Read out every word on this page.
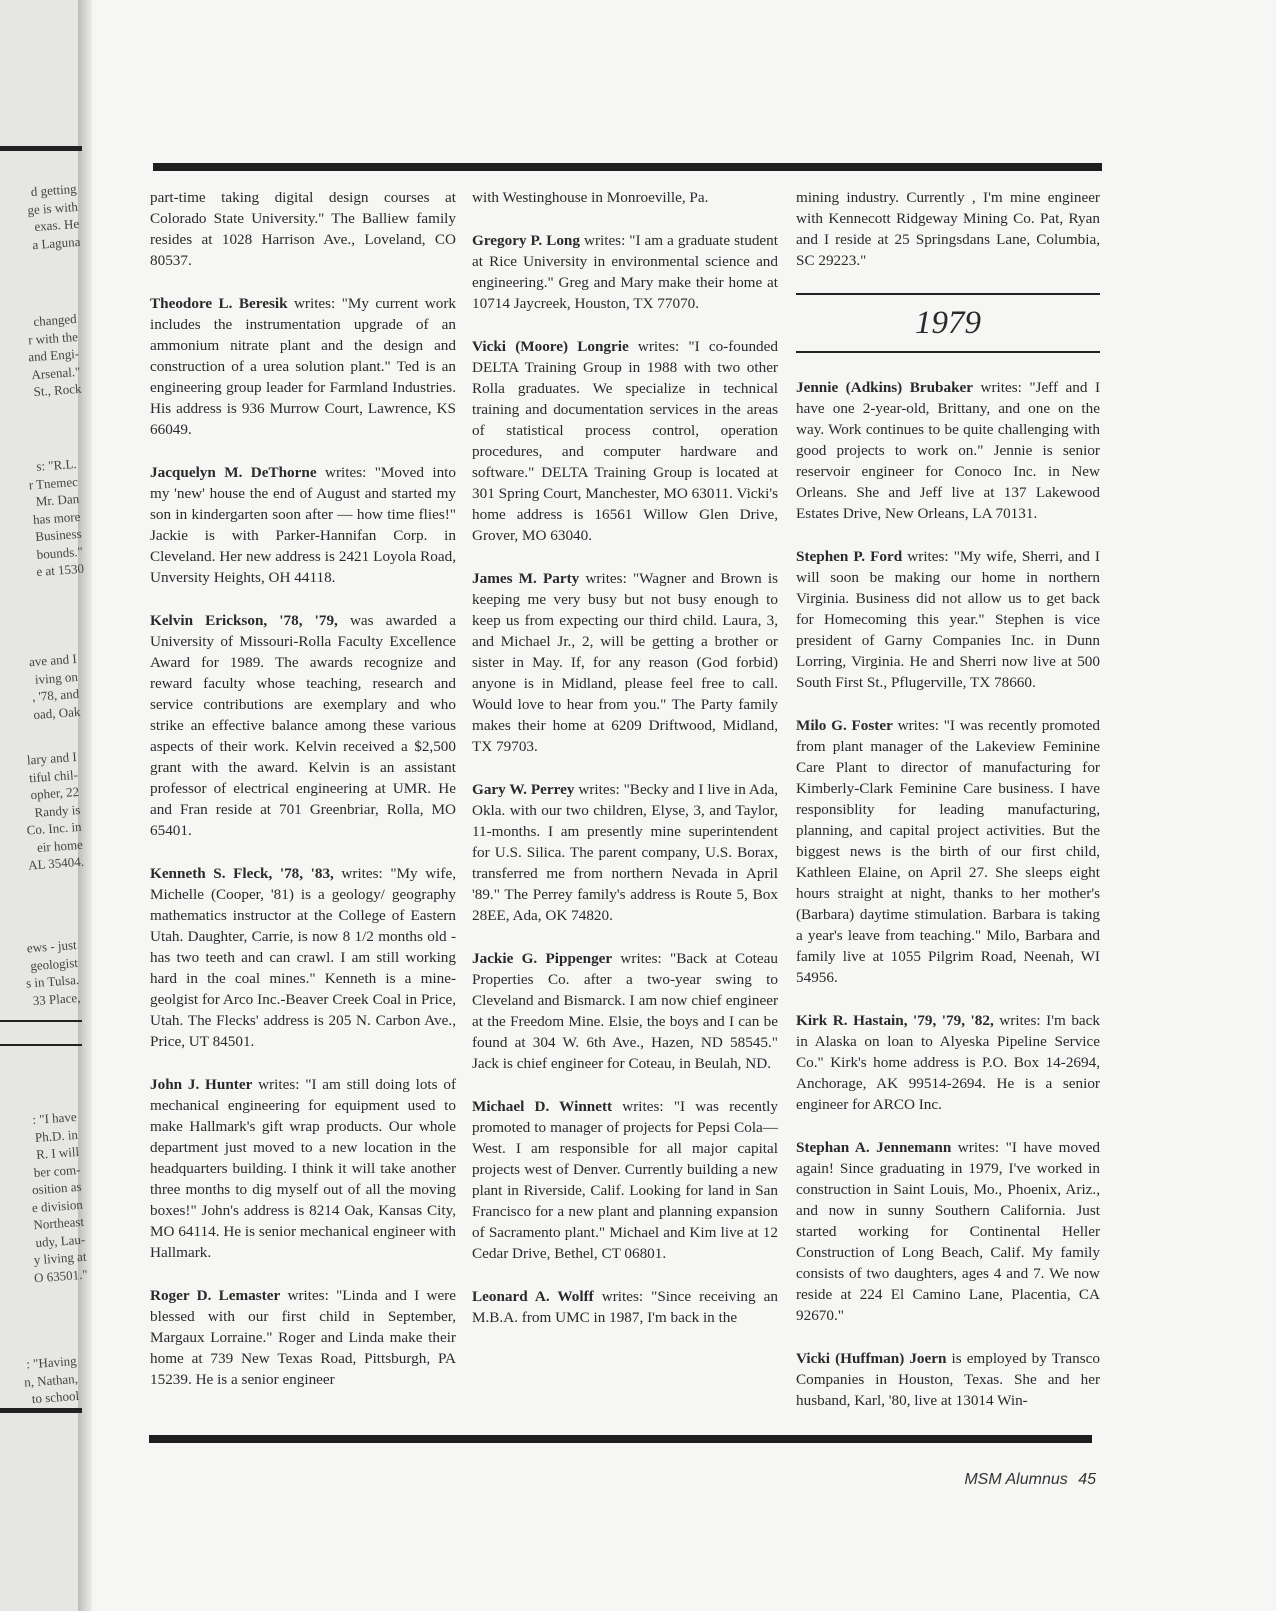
d getting
ge is with
exas. He
a Laguna
changed
r with the
and Engi-
Arsenal."
St., Rock
s: "R.L.
r Tnemec
Mr. Dan
has more
Business
bounds."
e at 1530
ave and I
iving on
, '78, and
oad, Oak
lary and I
tiful chil-
opher, 22
Randy is
Co. Inc. in
eir home
AL 35404.
ews - just
geologist
s in Tulsa.
33 Place,
: "I have
Ph.D. in
R. I will
ber com-
osition as
e division
Northeast
udy, Lau-
y living at
O 63501."
: "Having
n, Nathan,
to school

part-time taking digital design courses at Colorado State University." The Balliew family resides at 1028 Harrison Ave., Loveland, CO 80537.

Theodore L. Beresik writes: "My current work includes the instrumentation upgrade of an ammonium nitrate plant and the design and construction of a urea solution plant." Ted is an engineering group leader for Farmland Industries. His address is 936 Murrow Court, Lawrence, KS 66049.

Jacquelyn M. DeThorne writes: "Moved into my 'new' house the end of August and started my son in kindergarten soon after — how time flies!" Jackie is with Parker-Hannifan Corp. in Cleveland. Her new address is 2421 Loyola Road, Unversity Heights, OH 44118.

Kelvin Erickson, '78, '79, was awarded a University of Missouri-Rolla Faculty Excellence Award for 1989. The awards recognize and reward faculty whose teaching, research and service contributions are exemplary and who strike an effective balance among these various aspects of their work. Kelvin received a $2,500 grant with the award. Kelvin is an assistant professor of electrical engineering at UMR. He and Fran reside at 701 Greenbriar, Rolla, MO 65401.

Kenneth S. Fleck, '78, '83, writes: "My wife, Michelle (Cooper, '81) is a geology/ geography mathematics instructor at the College of Eastern Utah. Daughter, Carrie, is now 8 1/2 months old - has two teeth and can crawl. I am still working hard in the coal mines." Kenneth is a mine-geolgist for Arco Inc.-Beaver Creek Coal in Price, Utah. The Flecks' address is 205 N. Carbon Ave., Price, UT 84501.

John J. Hunter writes: "I am still doing lots of mechanical engineering for equipment used to make Hallmark's gift wrap products. Our whole department just moved to a new location in the headquarters building. I think it will take another three months to dig myself out of all the moving boxes!" John's address is 8214 Oak, Kansas City, MO 64114. He is senior mechanical engineer with Hallmark.

Roger D. Lemaster writes: "Linda and I were blessed with our first child in September, Margaux Lorraine." Roger and Linda make their home at 739 New Texas Road, Pittsburgh, PA 15239. He is a senior engineer

with Westinghouse in Monroeville, Pa.

Gregory P. Long writes: "I am a graduate student at Rice University in environmental science and engineering." Greg and Mary make their home at 10714 Jaycreek, Houston, TX 77070.

Vicki (Moore) Longrie writes: "I co-founded DELTA Training Group in 1988 with two other Rolla graduates. We specialize in technical training and documentation services in the areas of statistical process control, operation procedures, and computer hardware and software." DELTA Training Group is located at 301 Spring Court, Manchester, MO 63011. Vicki's home address is 16561 Willow Glen Drive, Grover, MO 63040.

James M. Party writes: "Wagner and Brown is keeping me very busy but not busy enough to keep us from expecting our third child. Laura, 3, and Michael Jr., 2, will be getting a brother or sister in May. If, for any reason (God forbid) anyone is in Midland, please feel free to call. Would love to hear from you." The Party family makes their home at 6209 Driftwood, Midland, TX 79703.

Gary W. Perrey writes: "Becky and I live in Ada, Okla. with our two children, Elyse, 3, and Taylor, 11-months. I am presently mine superintendent for U.S. Silica. The parent company, U.S. Borax, transferred me from northern Nevada in April '89." The Perrey family's address is Route 5, Box 28EE, Ada, OK 74820.

Jackie G. Pippenger writes: "Back at Coteau Properties Co. after a two-year swing to Cleveland and Bismarck. I am now chief engineer at the Freedom Mine. Elsie, the boys and I can be found at 304 W. 6th Ave., Hazen, ND 58545." Jack is chief engineer for Coteau, in Beulah, ND.

Michael D. Winnett writes: "I was recently promoted to manager of projects for Pepsi Cola—West. I am responsible for all major capital projects west of Denver. Currently building a new plant in Riverside, Calif. Looking for land in San Francisco for a new plant and planning expansion of Sacramento plant." Michael and Kim live at 12 Cedar Drive, Bethel, CT 06801.

Leonard A. Wolff writes: "Since receiving an M.B.A. from UMC in 1987, I'm back in the

mining industry. Currently , I'm mine engineer with Kennecott Ridgeway Mining Co. Pat, Ryan and I reside at 25 Springsdans Lane, Columbia, SC 29223."

1979

Jennie (Adkins) Brubaker writes: "Jeff and I have one 2-year-old, Brittany, and one on the way. Work continues to be quite challenging with good projects to work on." Jennie is senior reservoir engineer for Conoco Inc. in New Orleans. She and Jeff live at 137 Lakewood Estates Drive, New Orleans, LA 70131.

Stephen P. Ford writes: "My wife, Sherri, and I will soon be making our home in northern Virginia. Business did not allow us to get back for Homecoming this year." Stephen is vice president of Garny Companies Inc. in Dunn Lorring, Virginia. He and Sherri now live at 500 South First St., Pflugerville, TX 78660.

Milo G. Foster writes: "I was recently promoted from plant manager of the Lakeview Feminine Care Plant to director of manufacturing for Kimberly-Clark Feminine Care business. I have responsiblity for leading manufacturing, planning, and capital project activities. But the biggest news is the birth of our first child, Kathleen Elaine, on April 27. She sleeps eight hours straight at night, thanks to her mother's (Barbara) daytime stimulation. Barbara is taking a year's leave from teaching." Milo, Barbara and family live at 1055 Pilgrim Road, Neenah, WI 54956.

Kirk R. Hastain, '79, '79, '82, writes: I'm back in Alaska on loan to Alyeska Pipeline Service Co." Kirk's home address is P.O. Box 14-2694, Anchorage, AK 99514-2694. He is a senior engineer for ARCO Inc.

Stephan A. Jennemann writes: "I have moved again! Since graduating in 1979, I've worked in construction in Saint Louis, Mo., Phoenix, Ariz., and now in sunny Southern California. Just started working for Continental Heller Construction of Long Beach, Calif. My family consists of two daughters, ages 4 and 7. We now reside at 224 El Camino Lane, Placentia, CA 92670."

Vicki (Huffman) Joern is employed by Transco Companies in Houston, Texas. She and her husband, Karl, '80, live at 13014 Win-

MSM Alumnus 45
